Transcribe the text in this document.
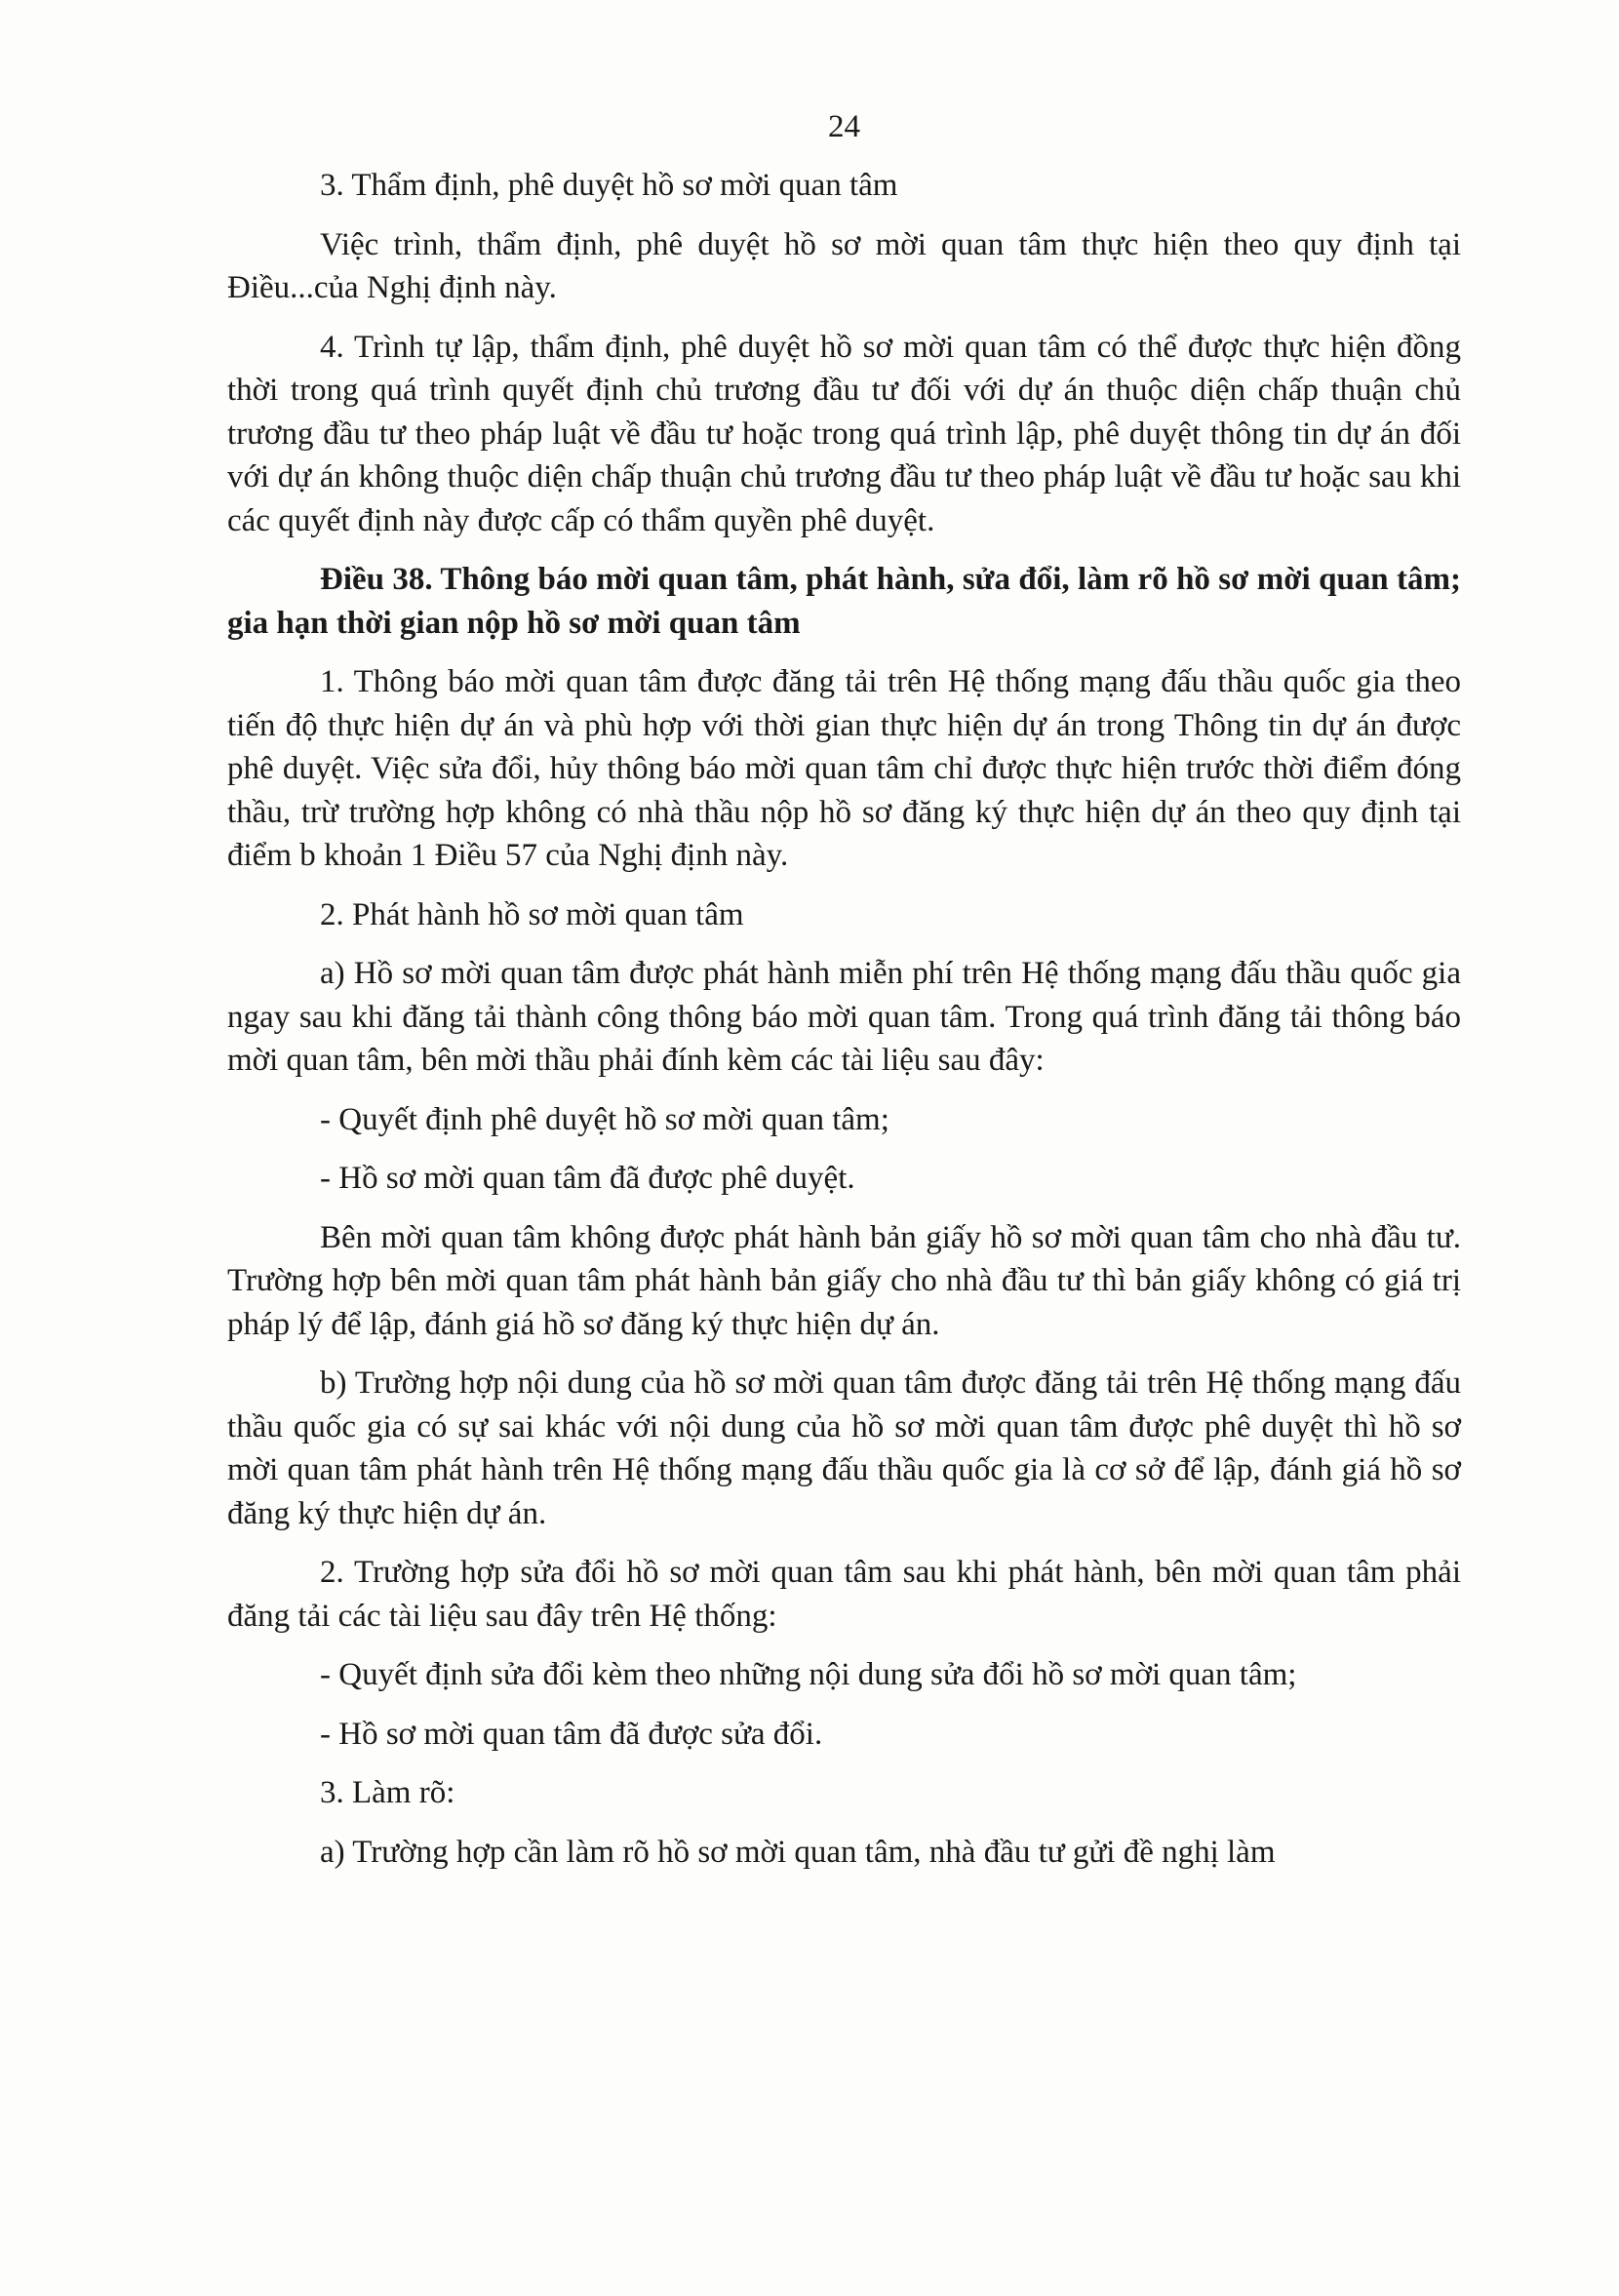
24

3. Thẩm định, phê duyệt hồ sơ mời quan tâm

Việc trình, thẩm định, phê duyệt hồ sơ mời quan tâm thực hiện theo quy định tại Điều...của Nghị định này.

4. Trình tự lập, thẩm định, phê duyệt hồ sơ mời quan tâm có thể được thực hiện đồng thời trong quá trình quyết định chủ trương đầu tư đối với dự án thuộc diện chấp thuận chủ trương đầu tư theo pháp luật về đầu tư hoặc trong quá trình lập, phê duyệt thông tin dự án đối với dự án không thuộc diện chấp thuận chủ trương đầu tư theo pháp luật về đầu tư hoặc sau khi các quyết định này được cấp có thẩm quyền phê duyệt.

Điều 38. Thông báo mời quan tâm, phát hành, sửa đổi, làm rõ hồ sơ mời quan tâm; gia hạn thời gian nộp hồ sơ mời quan tâm

1. Thông báo mời quan tâm được đăng tải trên Hệ thống mạng đấu thầu quốc gia theo tiến độ thực hiện dự án và phù hợp với thời gian thực hiện dự án trong Thông tin dự án được phê duyệt. Việc sửa đổi, hủy thông báo mời quan tâm chỉ được thực hiện trước thời điểm đóng thầu, trừ trường hợp không có nhà thầu nộp hồ sơ đăng ký thực hiện dự án theo quy định tại điểm b khoản 1 Điều 57 của Nghị định này.

2. Phát hành hồ sơ mời quan tâm

a) Hồ sơ mời quan tâm được phát hành miễn phí trên Hệ thống mạng đấu thầu quốc gia ngay sau khi đăng tải thành công thông báo mời quan tâm. Trong quá trình đăng tải thông báo mời quan tâm, bên mời thầu phải đính kèm các tài liệu sau đây:

- Quyết định phê duyệt hồ sơ mời quan tâm;

- Hồ sơ mời quan tâm đã được phê duyệt.

Bên mời quan tâm không được phát hành bản giấy hồ sơ mời quan tâm cho nhà đầu tư. Trường hợp bên mời quan tâm phát hành bản giấy cho nhà đầu tư thì bản giấy không có giá trị pháp lý để lập, đánh giá hồ sơ đăng ký thực hiện dự án.

b) Trường hợp nội dung của hồ sơ mời quan tâm được đăng tải trên Hệ thống mạng đấu thầu quốc gia có sự sai khác với nội dung của hồ sơ mời quan tâm được phê duyệt thì hồ sơ mời quan tâm phát hành trên Hệ thống mạng đấu thầu quốc gia là cơ sở để lập, đánh giá hồ sơ đăng ký thực hiện dự án.

2. Trường hợp sửa đổi hồ sơ mời quan tâm sau khi phát hành, bên mời quan tâm phải đăng tải các tài liệu sau đây trên Hệ thống:

- Quyết định sửa đổi kèm theo những nội dung sửa đổi hồ sơ mời quan tâm;

- Hồ sơ mời quan tâm đã được sửa đổi.

3. Làm rõ:

a) Trường hợp cần làm rõ hồ sơ mời quan tâm, nhà đầu tư gửi đề nghị làm
